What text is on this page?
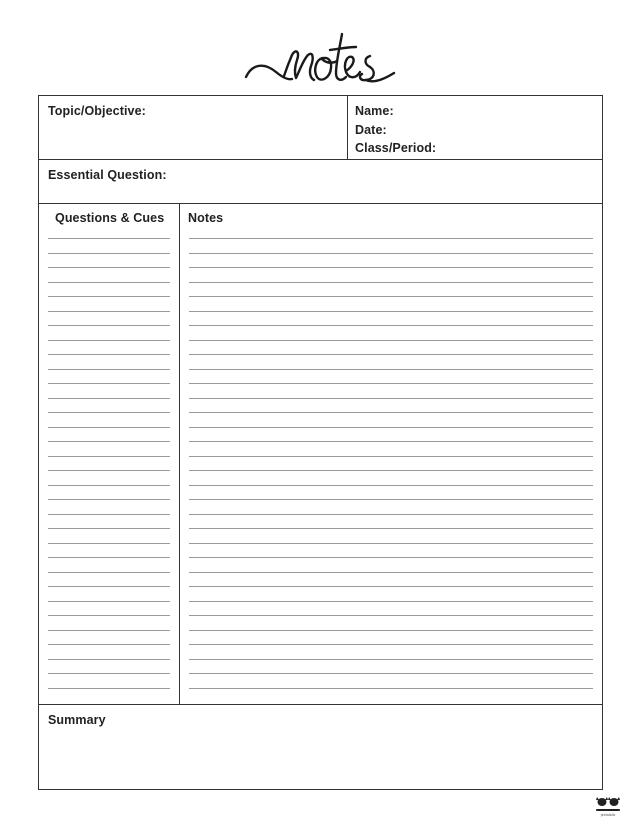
Topic/Objective:	Name:
Date:
Class/Period:
Essential Question:
Questions & Cues Notes
Summary
printabulls
